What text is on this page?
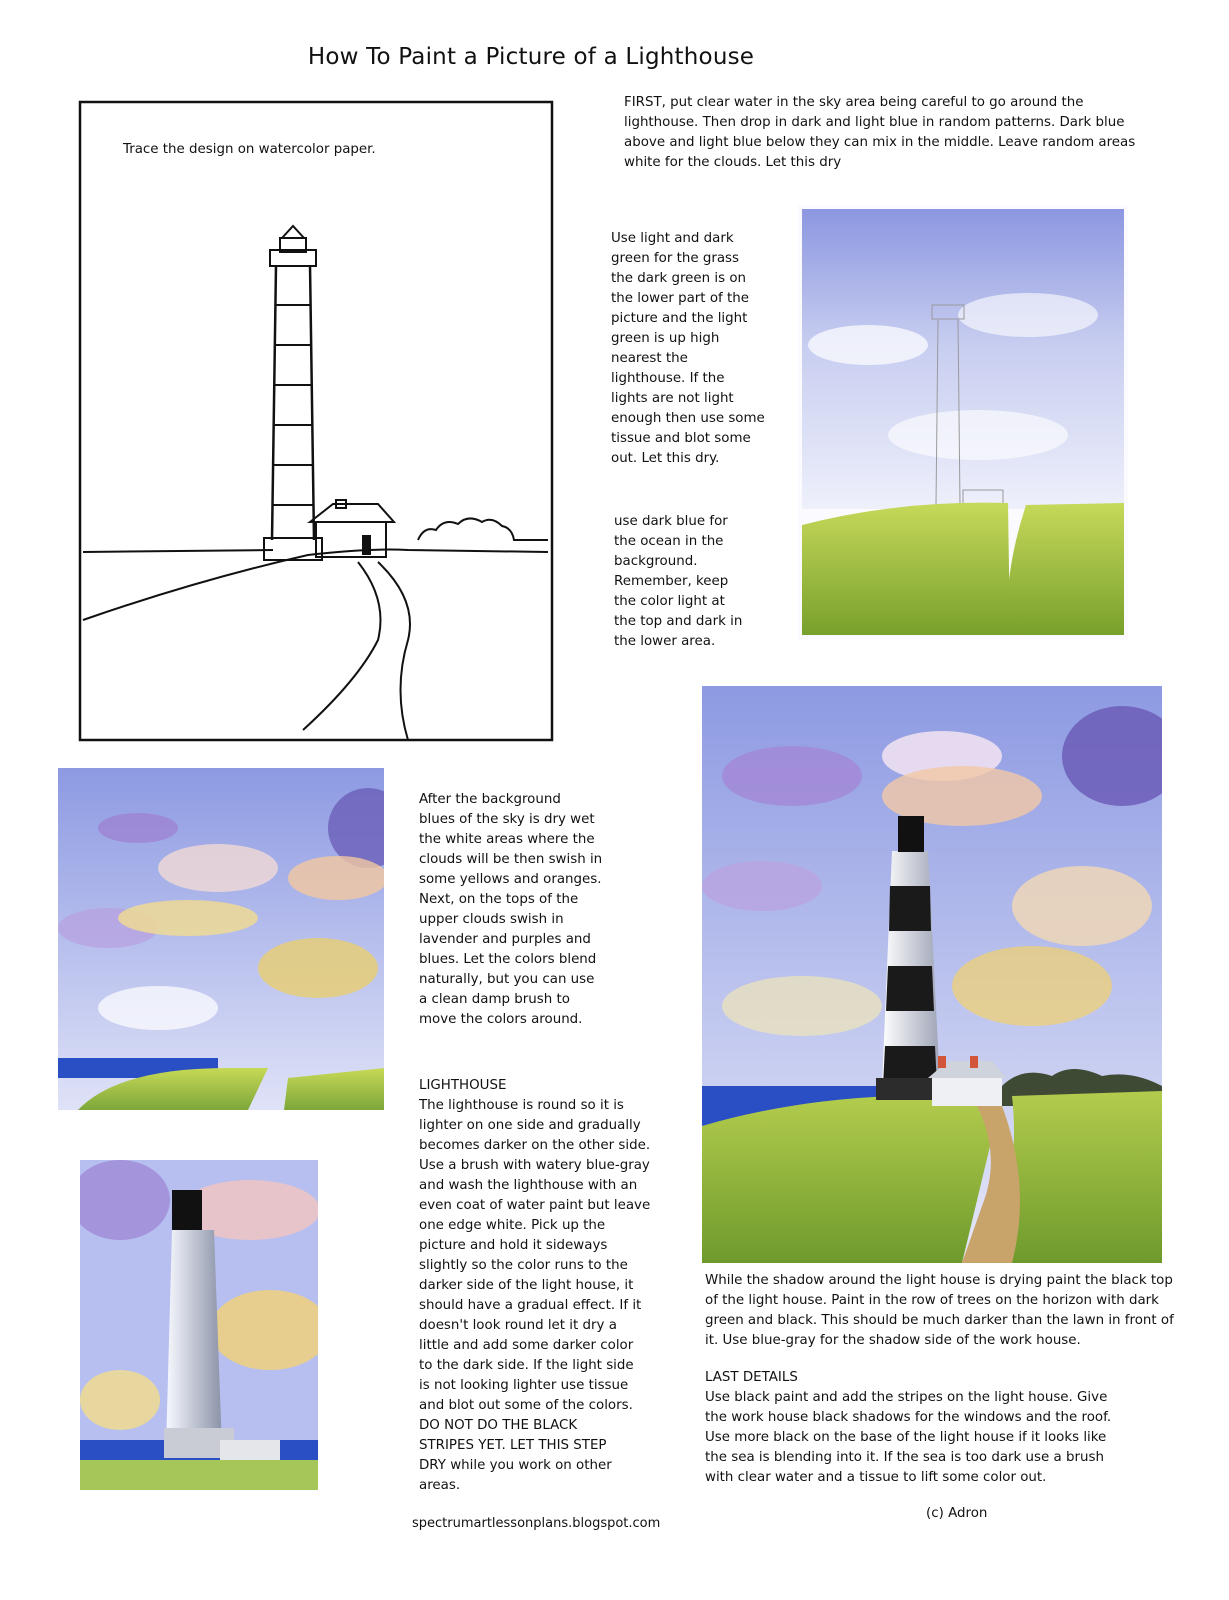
How To Paint a Picture of a Lighthouse
Trace the design on watercolor paper.
FIRST, put clear water in the sky area being careful to go around the
lighthouse. Then drop in dark and light blue in random patterns. Dark blue
above and light blue below they can mix in the middle. Leave random areas
white for the clouds. Let this dry
Use light and dark
green for the grass
the dark green is on
the lower part of the
picture and the light
green is up high
nearest the
lighthouse. If the
lights are not light
enough then use some
tissue and blot some
out. Let this dry.
use dark blue for
the ocean in the
background.
Remember, keep
the color light at
the top and dark in
the lower area.
After the background
blues of the sky is dry wet
the white areas where the
clouds will be then swish in
some yellows and oranges.
Next, on the tops of the
upper clouds swish in
lavender and purples and
blues. Let the colors blend
naturally, but you can use
a clean damp brush to
move the colors around.
LIGHTHOUSE
The lighthouse is round so it is
lighter on one side and gradually
becomes darker on the other side.
Use a brush with watery blue-gray
and wash the lighthouse with an
even coat of water paint but leave
one edge white. Pick up the
picture and hold it sideways
slightly so the color runs to the
darker side of the light house, it
should have a gradual effect. If it
doesn't look round let it dry a
little and add some darker color
to the dark side. If the light side
is not looking lighter use tissue
and blot out some of the colors.
DO NOT DO THE BLACK
STRIPES YET. LET THIS STEP
DRY while you work on other
areas.
While the shadow around the light house is drying paint the black top
of the light house. Paint in the row of trees on the horizon with dark
green and black. This should be much darker than the lawn in front of
it. Use blue-gray for the shadow side of the work house.
LAST DETAILS
Use black paint and add the stripes on the light house. Give
the work house black shadows for the windows and the roof.
Use more black on the base of the light house if it looks like
the sea is blending into it. If the sea is too dark use a brush
with clear water and a tissue to lift some color out.
(c) Adron
spectrumartlessonplans.blogspot.com
